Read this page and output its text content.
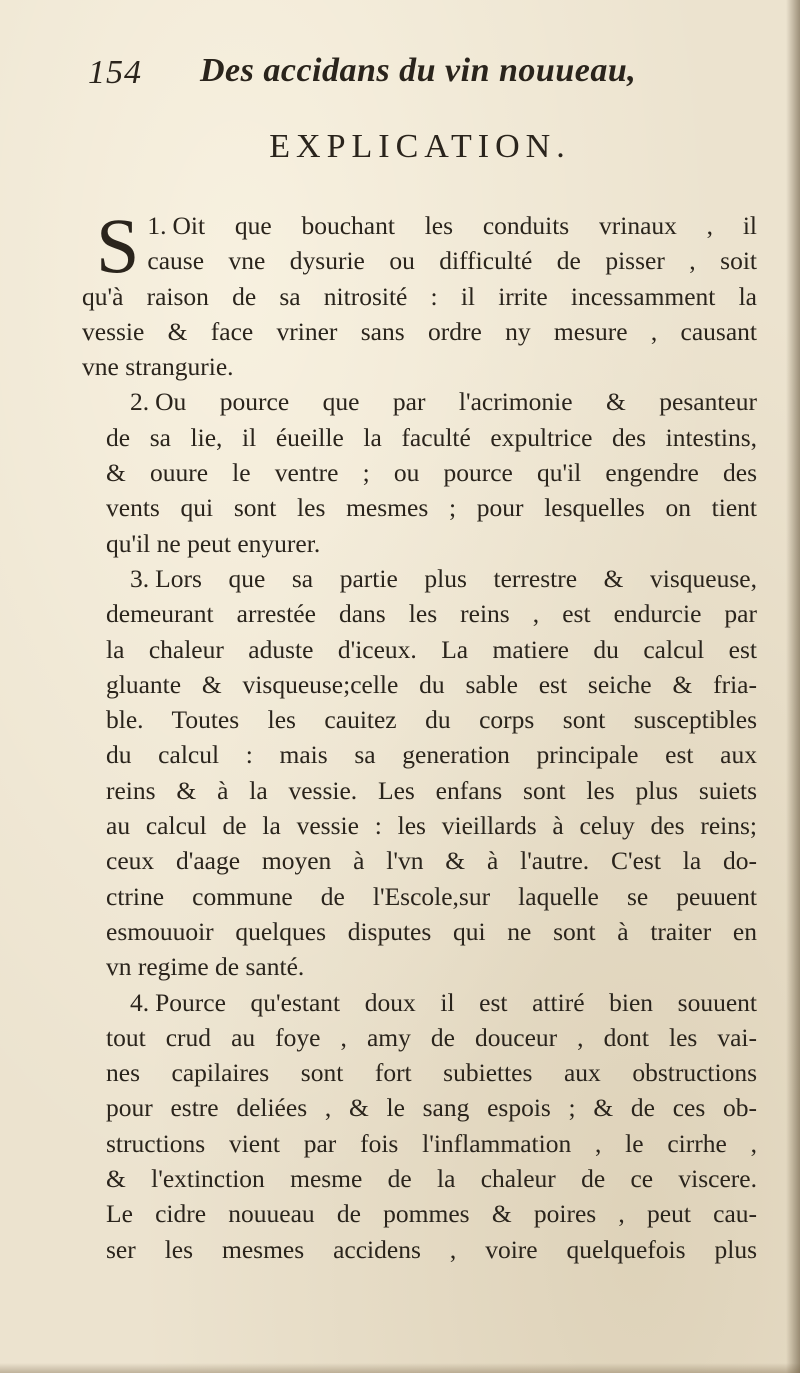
154 Des accidans du vin nouueau,
EXPLICATION.
1.
S Oit que bouchant les conduits vrinaux , il
cause vne dysurie ou difficulté de pisser , soit
qu'à raison de sa nitrosité : il irrite incessamment la
vessie & face vriner sans ordre ny mesure , causant
vne strangurie.
2. Ou pource que par l'acrimonie & pesanteur
de sa lie, il éueille la faculté expultrice des intestins,
& ouure le ventre ; ou pource qu'il engendre des
vents qui sont les mesmes ; pour lesquelles on tient
qu'il ne peut enyurer.
3. Lors que sa partie plus terrestre & visqueuse,
demeurant arrestée dans les reins , est endurcie par
la chaleur aduste d'iceux. La matiere du calcul est
gluante & visqueuse;celle du sable est seiche & fria-
ble. Toutes les cauitez du corps sont susceptibles
du calcul : mais sa generation principale est aux
reins & à la vessie. Les enfans sont les plus suiets
au calcul de la vessie : les vieillards à celuy des reins;
ceux d'aage moyen à l'vn & à l'autre. C'est la do-
ctrine commune de l'Escole,sur laquelle se peuuent
esmouuoir quelques disputes qui ne sont à traiter en
vn regime de santé.
4. Pource qu'estant doux il est attiré bien souuent
tout crud au foye , amy de douceur , dont les vai-
nes capilaires sont fort subiettes aux obstructions
pour estre deliées , & le sang espois ; & de ces ob-
structions vient par fois l'inflammation , le cirrhe ,
& l'extinction mesme de la chaleur de ce viscere.
Le cidre nouueau de pommes & poires , peut cau-
ser les mesmes accidens , voire quelquefois plus
